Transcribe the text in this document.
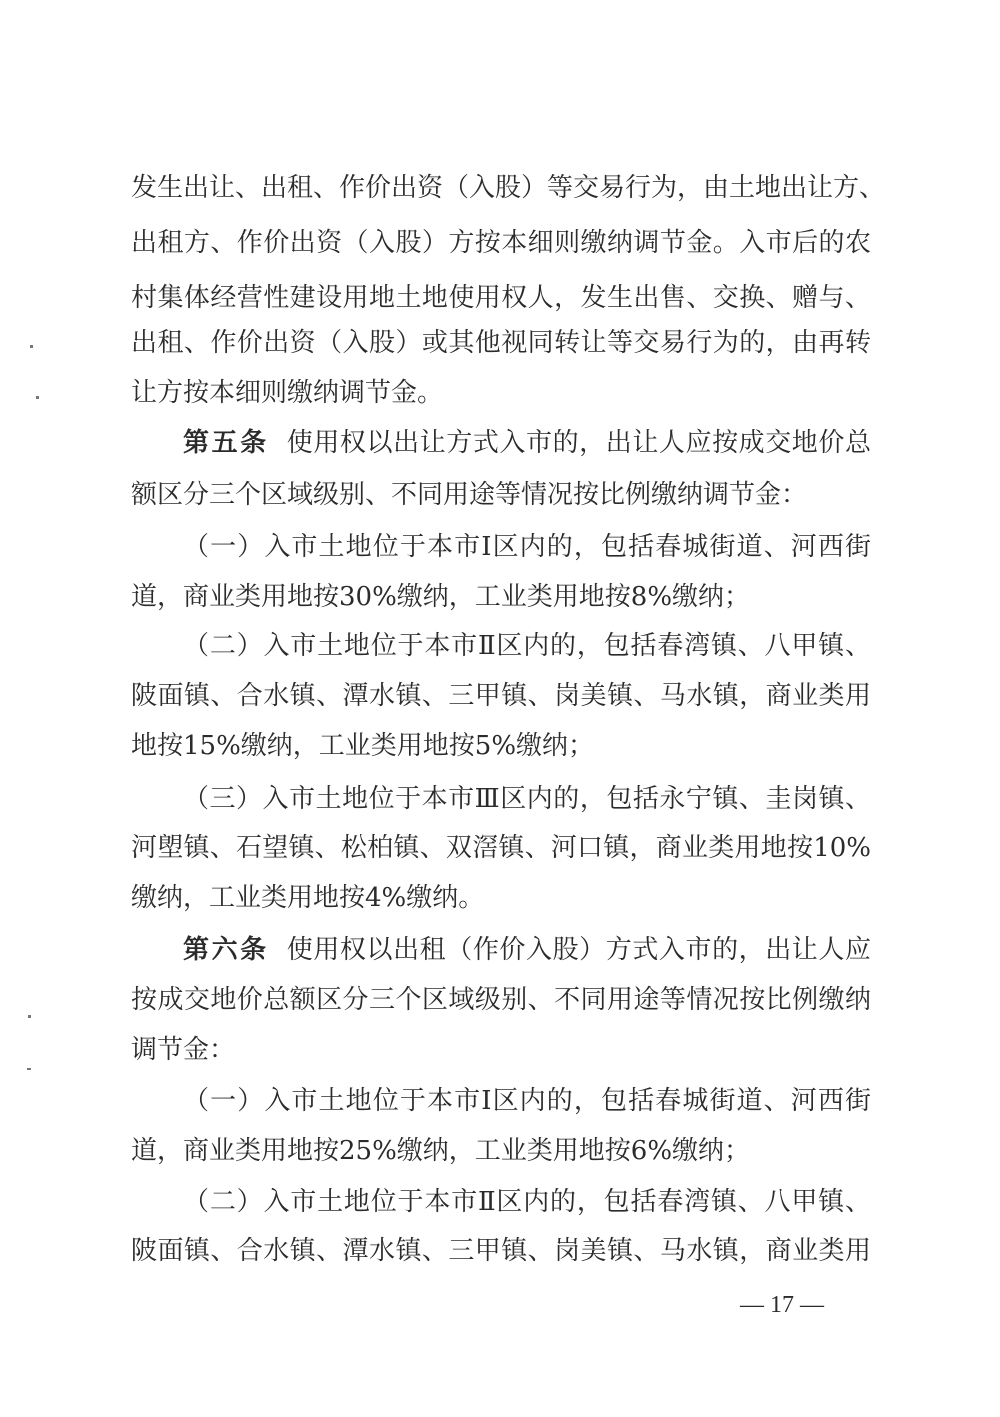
发生出让、出租、作价出资（入股）等交易行为，由土地出让方、
出租方、作价出资（入股）方按本细则缴纳调节金。入市后的农
村集体经营性建设用地土地使用权人，发生出售、交换、赠与、
出租、作价出资（入股）或其他视同转让等交易行为的，由再转
让方按本细则缴纳调节金。
第五条 使用权以出让方式入市的，出让人应按成交地价总
额区分三个区域级别、不同用途等情况按比例缴纳调节金：
（一）入市土地位于本市Ⅰ区内的，包括春城街道、河西街
道，商业类用地按30%缴纳，工业类用地按8%缴纳；
（二）入市土地位于本市Ⅱ区内的，包括春湾镇、八甲镇、
陂面镇、合水镇、潭水镇、三甲镇、岗美镇、马水镇，商业类用
地按15%缴纳，工业类用地按5%缴纳；
（三）入市土地位于本市Ⅲ区内的，包括永宁镇、圭岗镇、
河塱镇、石望镇、松柏镇、双滘镇、河口镇，商业类用地按10%
缴纳，工业类用地按4%缴纳。
第六条 使用权以出租（作价入股）方式入市的，出让人应
按成交地价总额区分三个区域级别、不同用途等情况按比例缴纳
调节金：
（一）入市土地位于本市Ⅰ区内的，包括春城街道、河西街
道，商业类用地按25%缴纳，工业类用地按6%缴纳；
（二）入市土地位于本市Ⅱ区内的，包括春湾镇、八甲镇、
陂面镇、合水镇、潭水镇、三甲镇、岗美镇、马水镇，商业类用
— 17 —
